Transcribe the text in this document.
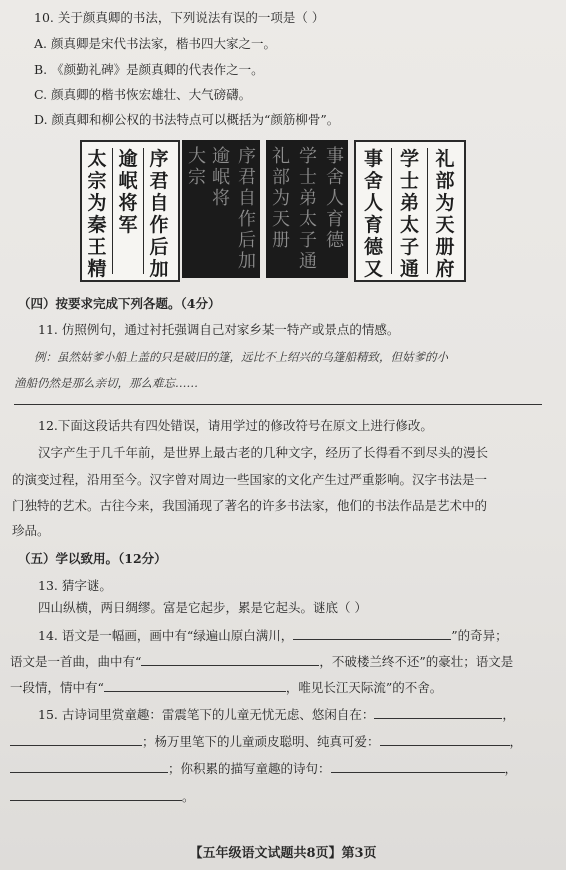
10. 关于颜真卿的书法，下列说法有误的一项是（ ）
A. 颜真卿是宋代书法家，楷书四大家之一。
B. 《颜勤礼碑》是颜真卿的代表作之一。
C. 颜真卿的楷书恢宏雄壮、大气磅礴。
D. 颜真卿和柳公权的书法特点可以概括为“颜筋柳骨”。
太
宗
为
秦
王
精
逾
岷
将
军
序
君
自
作
后
加
大
宗
逾
岷
将
序
君
自
作
后
加
礼
部
为
天
册
学
士
弟
太
子
通
事
舍
人
育
德
事
舍
人
育
德
又
学
士
弟
太
子
通
礼
部
为
天
册
府
（四）按要求完成下列各题。（4分）
11. 仿照例句，通过衬托强调自己对家乡某一特产或景点的情感。
例：虽然姑爹小船上盖的只是破旧的篷，远比不上绍兴的乌篷船精致，但姑爹的小
渔船仍然是那么亲切，那么难忘……
12.下面这段话共有四处错误，请用学过的修改符号在原文上进行修改。
汉字产生于几千年前，是世界上最古老的几种文字，经历了长得看不到尽头的漫长
的演变过程，沿用至今。汉字曾对周边一些国家的文化产生过严重影响。汉字书法是一
门独特的艺术。古往今来，我国涌现了著名的许多书法家，他们的书法作品是艺术中的
珍品。
（五）学以致用。（12分）
13. 猜字谜。
四山纵横，两日绸缪。富是它起步，累是它起头。谜底（ ）
14. 语文是一幅画，画中有“绿遍山原白满川，	”的奇异；
语文是一首曲，曲中有“	，不破楼兰终不还”的豪壮；语文是
一段情，情中有“	，唯见长江天际流”的不舍。
15. 古诗词里赏童趣：雷震笔下的儿童无忧无虑、悠闲自在：	，
；杨万里笔下的儿童顽皮聪明、纯真可爱：	，
；你积累的描写童趣的诗句：	，
。
【五年级语文试题共8页】第3页
